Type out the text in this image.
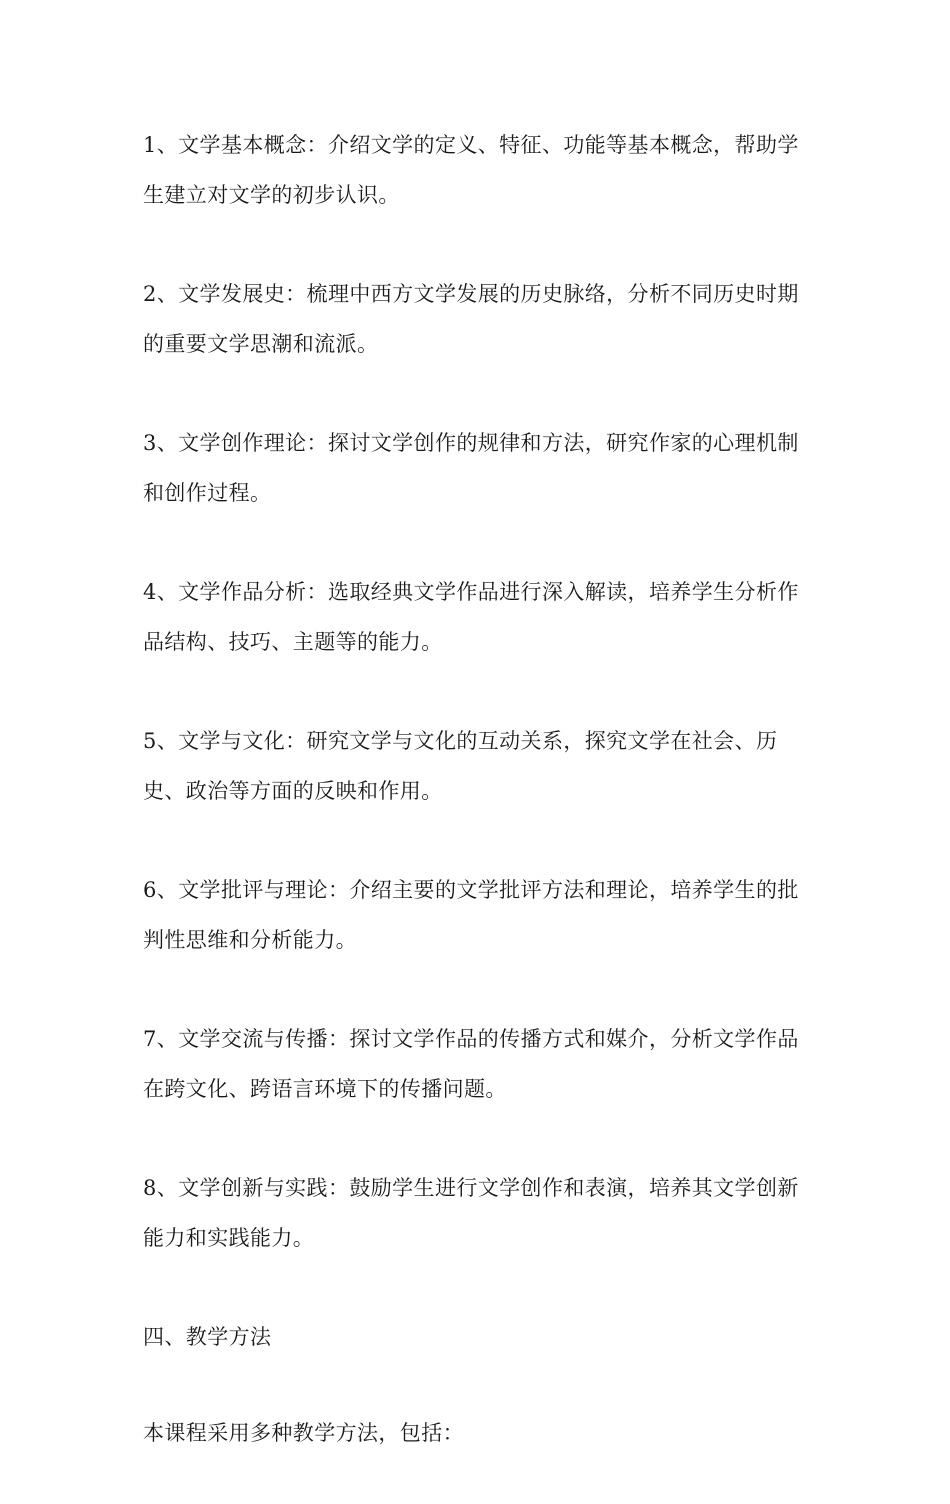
1、文学基本概念：介绍文学的定义、特征、功能等基本概念，帮助学生建立对文学的初步认识。

2、文学发展史：梳理中西方文学发展的历史脉络，分析不同历史时期的重要文学思潮和流派。

3、文学创作理论：探讨文学创作的规律和方法，研究作家的心理机制和创作过程。

4、文学作品分析：选取经典文学作品进行深入解读，培养学生分析作品结构、技巧、主题等的能力。

5、文学与文化：研究文学与文化的互动关系，探究文学在社会、历史、政治等方面的反映和作用。

6、文学批评与理论：介绍主要的文学批评方法和理论，培养学生的批判性思维和分析能力。

7、文学交流与传播：探讨文学作品的传播方式和媒介，分析文学作品在跨文化、跨语言环境下的传播问题。

8、文学创新与实践：鼓励学生进行文学创作和表演，培养其文学创新能力和实践能力。

四、教学方法

本课程采用多种教学方法，包括：
